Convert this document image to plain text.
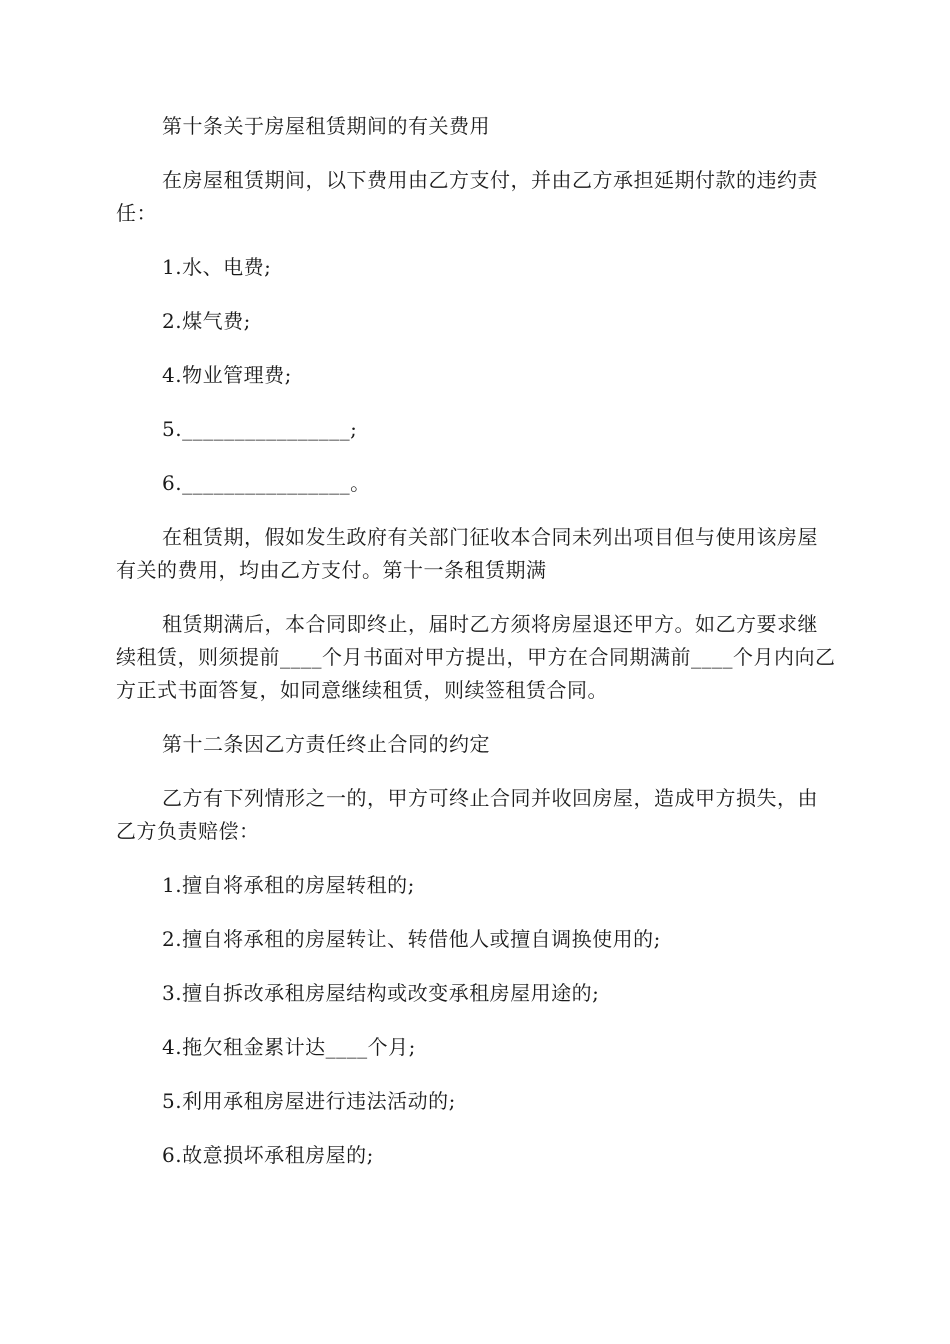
第十条关于房屋租赁期间的有关费用

在房屋租赁期间，以下费用由乙方支付，并由乙方承担延期付款的违约责任：

1.水、电费;

2.煤气费;

4.物业管理费;

5.________________;

6.________________。

在租赁期，假如发生政府有关部门征收本合同未列出项目但与使用该房屋有关的费用，均由乙方支付。第十一条租赁期满

租赁期满后，本合同即终止，届时乙方须将房屋退还甲方。如乙方要求继续租赁，则须提前____个月书面对甲方提出，甲方在合同期满前____个月内向乙方正式书面答复，如同意继续租赁，则续签租赁合同。

第十二条因乙方责任终止合同的约定

乙方有下列情形之一的，甲方可终止合同并收回房屋，造成甲方损失，由乙方负责赔偿：

1.擅自将承租的房屋转租的;

2.擅自将承租的房屋转让、转借他人或擅自调换使用的;

3.擅自拆改承租房屋结构或改变承租房屋用途的;

4.拖欠租金累计达____个月;

5.利用承租房屋进行违法活动的;

6.故意损坏承租房屋的;
